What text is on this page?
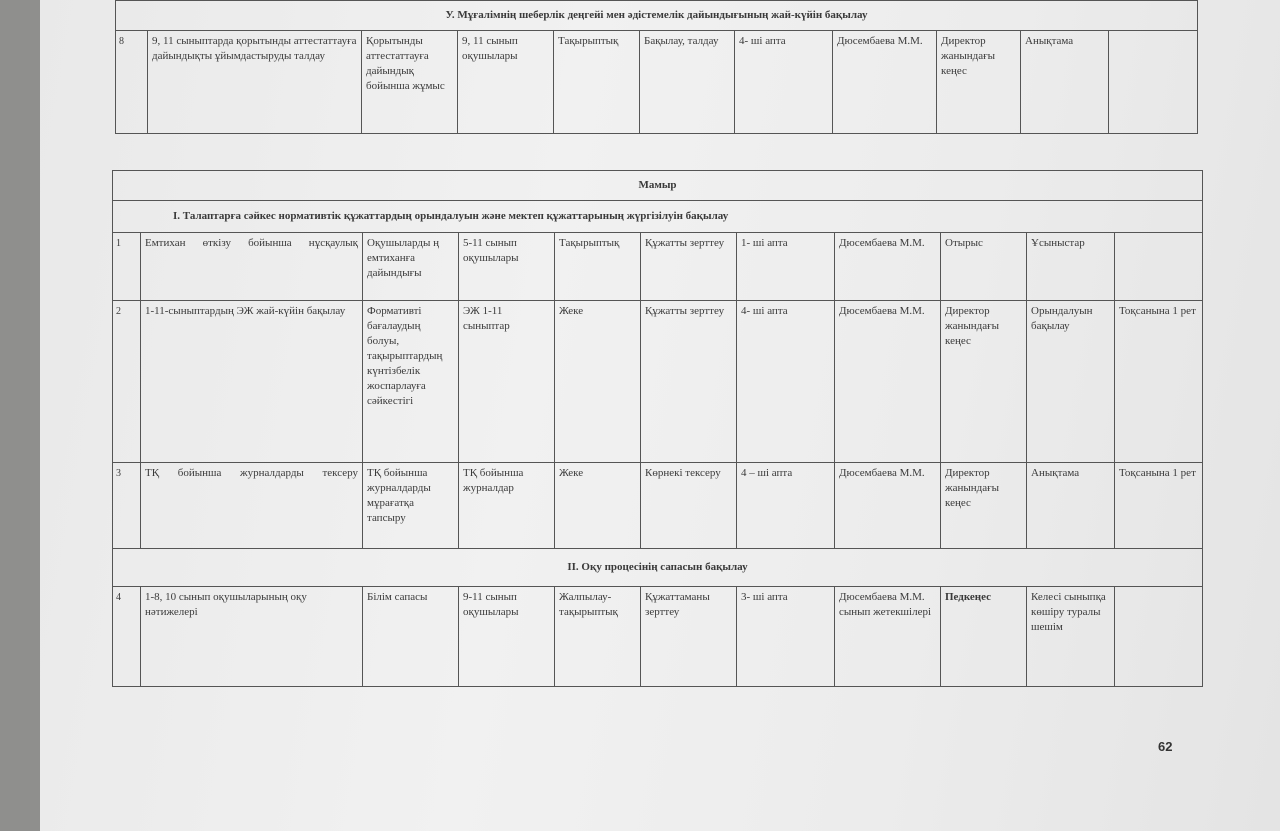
У. Мұғалімнің шеберлік деңгейі мен әдістемелік дайындығының жай-күйін бақылау
8	9, 11 сыныптарда қорытынды аттестаттауға дайындықты ұйымдастыруды талдау	Қорытынды аттестаттауға дайындық бойынша жұмыс	9, 11 сынып оқушылары	Тақырыптық	Бақылау, талдау	4- ші апта	Дюсембаева М.М.	Директор жанындағы кеңес	Анықтама	
Мамыр										
I. Талаптарға сәйкес нормативтік құжаттардың орындалуын және мектеп құжаттарының жүргізілуін бақылау										
1	Емтихан өткізу бойынша нұсқаулық	Оқушыларды ң емтиханға дайындығы	5-11 сынып оқушылары	Тақырыптық	Құжатты зерттеу	1- ші апта	Дюсембаева М.М.	Отырыс	Ұсыныстар	
2	1-11-сыныптардың ЭЖ жай-күйін бақылау	Формативті бағалаудың болуы, тақырыптардың күнтізбелік жоспарлауға сәйкестігі	ЭЖ 1-11 сыныптар	Жеке	Құжатты зерттеу	4- ші апта	Дюсембаева М.М.	Директор жанындағы кеңес	Орындалуын бақылау	Тоқсанына 1 рет
3	ТҚ бойынша журналдарды тексеру	ТҚ бойынша журналдарды мұрағатқа тапсыру	ТҚ бойынша журналдар	Жеке	Көрнекі тексеру	4 – ші апта	Дюсембаева М.М.	Директор жанындағы кеңес	Анықтама	Тоқсанына 1 рет
II. Оқу процесінің сапасын бақылау										
4	1-8, 10 сынып оқушыларының оқу нәтижелері	Білім сапасы	9-11 сынып оқушылары	Жалпылау-тақырыптық	Құжаттаманы зерттеу	3- ші апта	Дюсембаева М.М. сынып жетекшілері	Педкеңес	Келесі сыныпқа көшіру туралы шешім	
62
